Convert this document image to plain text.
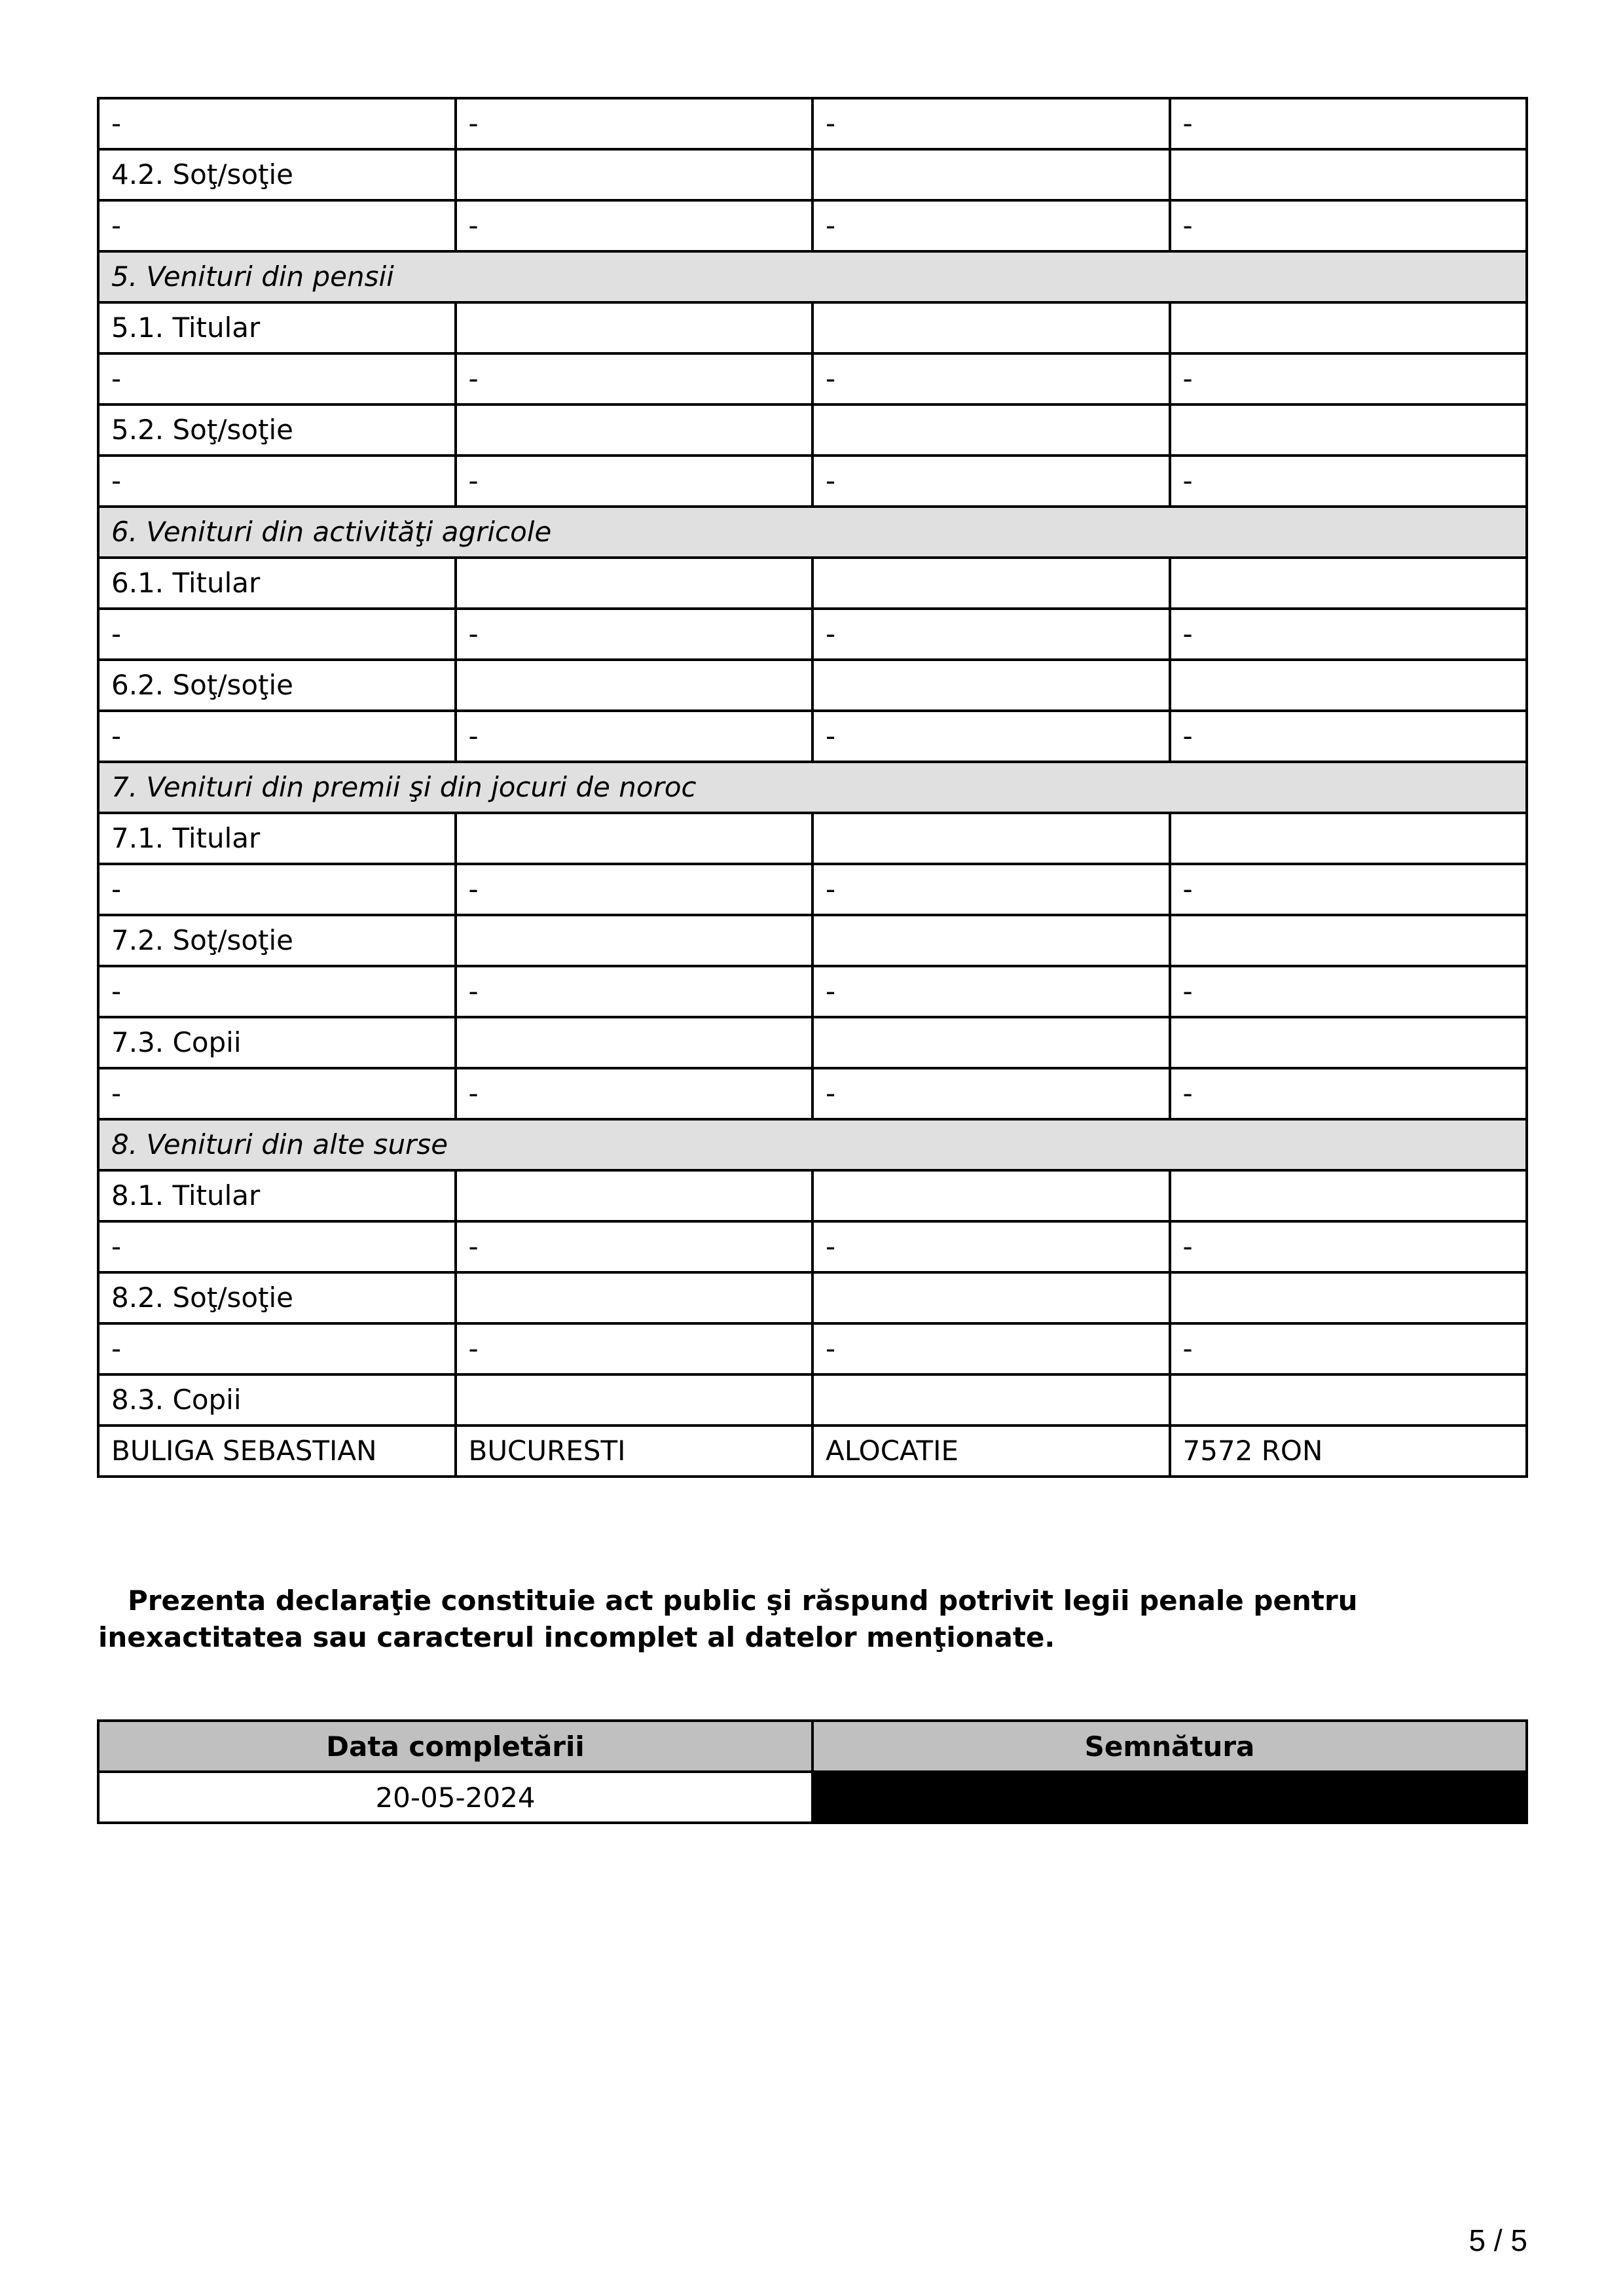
-	-	-	-
4.2. Soţ/soţie			
-	-	-	-
5. Venituri din pensii			
5.1. Titular			
-	-	-	-
5.2. Soţ/soţie			
-	-	-	-
6. Venituri din activităţi agricole			
6.1. Titular			
-	-	-	-
6.2. Soţ/soţie			
-	-	-	-
7. Venituri din premii şi din jocuri de noroc			
7.1. Titular			
-	-	-	-
7.2. Soţ/soţie			
-	-	-	-
7.3. Copii			
-	-	-	-
8. Venituri din alte surse			
8.1. Titular			
-	-	-	-
8.2. Soţ/soţie			
-	-	-	-
8.3. Copii			
BULIGA SEBASTIAN	BUCURESTI	ALOCATIE	7572 RON
Prezenta declaraţie constituie act public şi răspund potrivit legii penale pentru inexactitatea sau caracterul incomplet al datelor menţionate.
Data completării	Semnătura
20-05-2024	
5 / 5
